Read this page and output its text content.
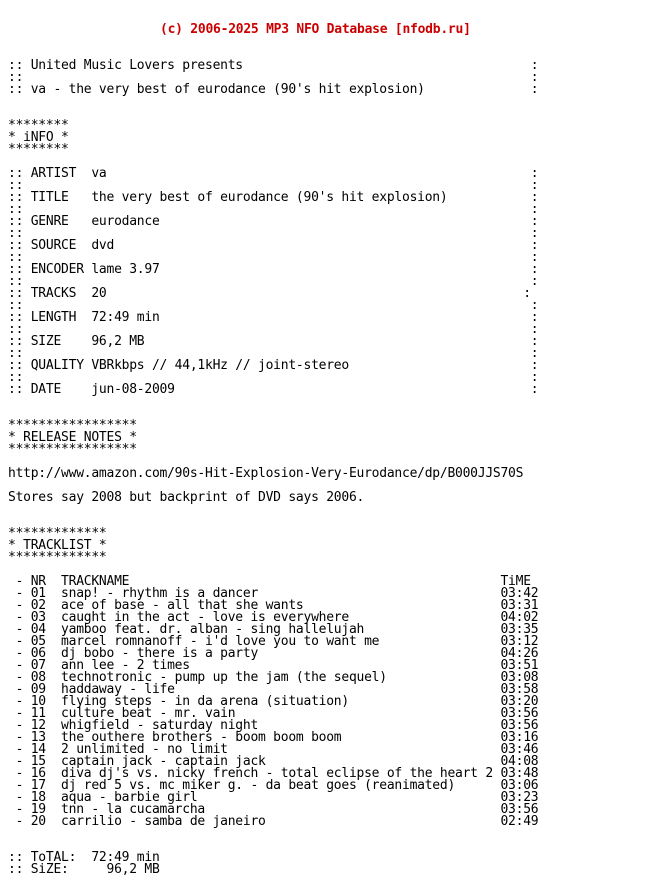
(c) 2006-2025 MP3 NFO Database [nfodb.ru]

:: United Music Lovers presents                                      :
::                                                                   :
:: va - the very best of eurodance (90's hit explosion)              :

********
* iNFO *
********

:: ARTIST  va                                                        :
::                                                                   :
:: TITLE   the very best of eurodance (90's hit explosion)           :
::                                                                   :
:: GENRE   eurodance                                                 :
::                                                                   :
:: SOURCE  dvd                                                       :
::                                                                   :
:: ENCODER lame 3.97                                                 :
::                                                                   :
:: TRACKS  20                                                       :
::                                                                   :
:: LENGTH  72:49 min                                                 :
::                                                                   :
:: SIZE    96,2 MB                                                   :
::                                                                   :
:: QUALITY VBRkbps // 44,1kHz // joint-stereo                        :
::                                                                   :
:: DATE    jun-08-2009                                               :

*****************
* RELEASE NOTES *
*****************

http://www.amazon.com/90s-Hit-Explosion-Very-Eurodance/dp/B000JJS70S

Stores say 2008 but backprint of DVD says 2006.

*************
* TRACKLIST *
*************

- NR  TRACKNAME                                                 TiME
- 01  snap! - rhythm is a dancer                                03:42
- 02  ace of base - all that she wants                          03:31
- 03  caught in the act - love is everywhere                    04:02
- 04  yamboo feat. dr. alban - sing hallelujah                  03:35
- 05  marcel romnanoff - i'd love you to want me                03:12
- 06  dj bobo - there is a party                                04:26
- 07  ann lee - 2 times                                         03:51
- 08  technotronic - pump up the jam (the sequel)               03:08
- 09  haddaway - life                                           03:58
- 10  flying steps - in da arena (situation)                    03:20
- 11  culture beat - mr. vain                                   03:56
- 12  whigfield - saturday night                                03:56
- 13  the outhere brothers - boom boom boom                     03:16
- 14  2 unlimited - no limit                                    03:46
- 15  captain jack - captain jack                               04:08
- 16  diva dj's vs. nicky french - total eclipse of the heart 2 03:48
- 17  dj red 5 vs. mc miker g. - da beat goes (reanimated)      03:06
- 18  aqua - barbie girl                                        03:23
- 19  tnn - la cucamarcha                                       03:56
- 20  carrilio - samba de janeiro                               02:49

:: ToTAL:  72:49 min
:: SiZE:     96,2 MB
